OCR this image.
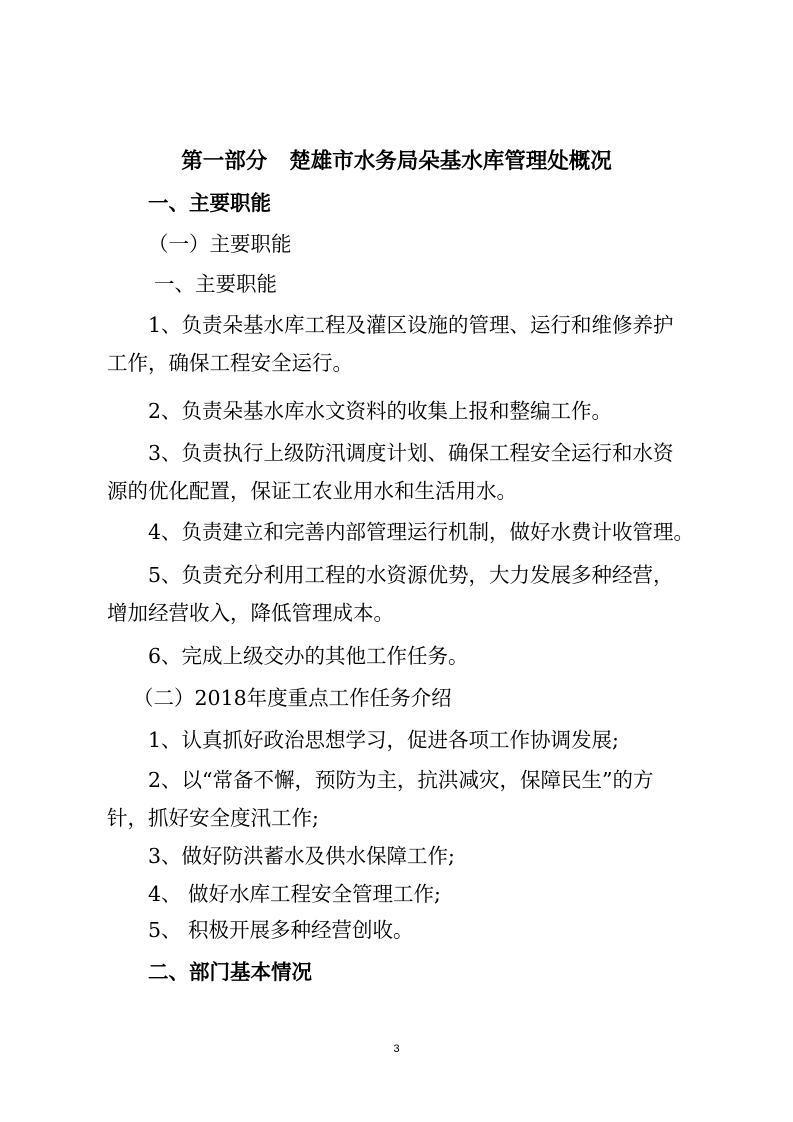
第一部分 楚雄市水务局朵基水库管理处概况
一、主要职能
（一）主要职能
一、主要职能
1、负责朵基水库工程及灌区设施的管理、运行和维修养护
工作，确保工程安全运行。
2、负责朵基水库水文资料的收集上报和整编工作。
3、负责执行上级防汛调度计划、确保工程安全运行和水资
源的优化配置，保证工农业用水和生活用水。
4、负责建立和完善内部管理运行机制，做好水费计收管理。
5、负责充分利用工程的水资源优势，大力发展多种经营，
增加经营收入，降低管理成本。
6、完成上级交办的其他工作任务。
（二）2018年度重点工作任务介绍
1、认真抓好政治思想学习，促进各项工作协调发展;
2、以“常备不懈，预防为主，抗洪减灾，保障民生”的方
针，抓好安全度汛工作;
3、做好防洪蓄水及供水保障工作;
4、 做好水库工程安全管理工作;
5、 积极开展多种经营创收。
二、部门基本情况
3
